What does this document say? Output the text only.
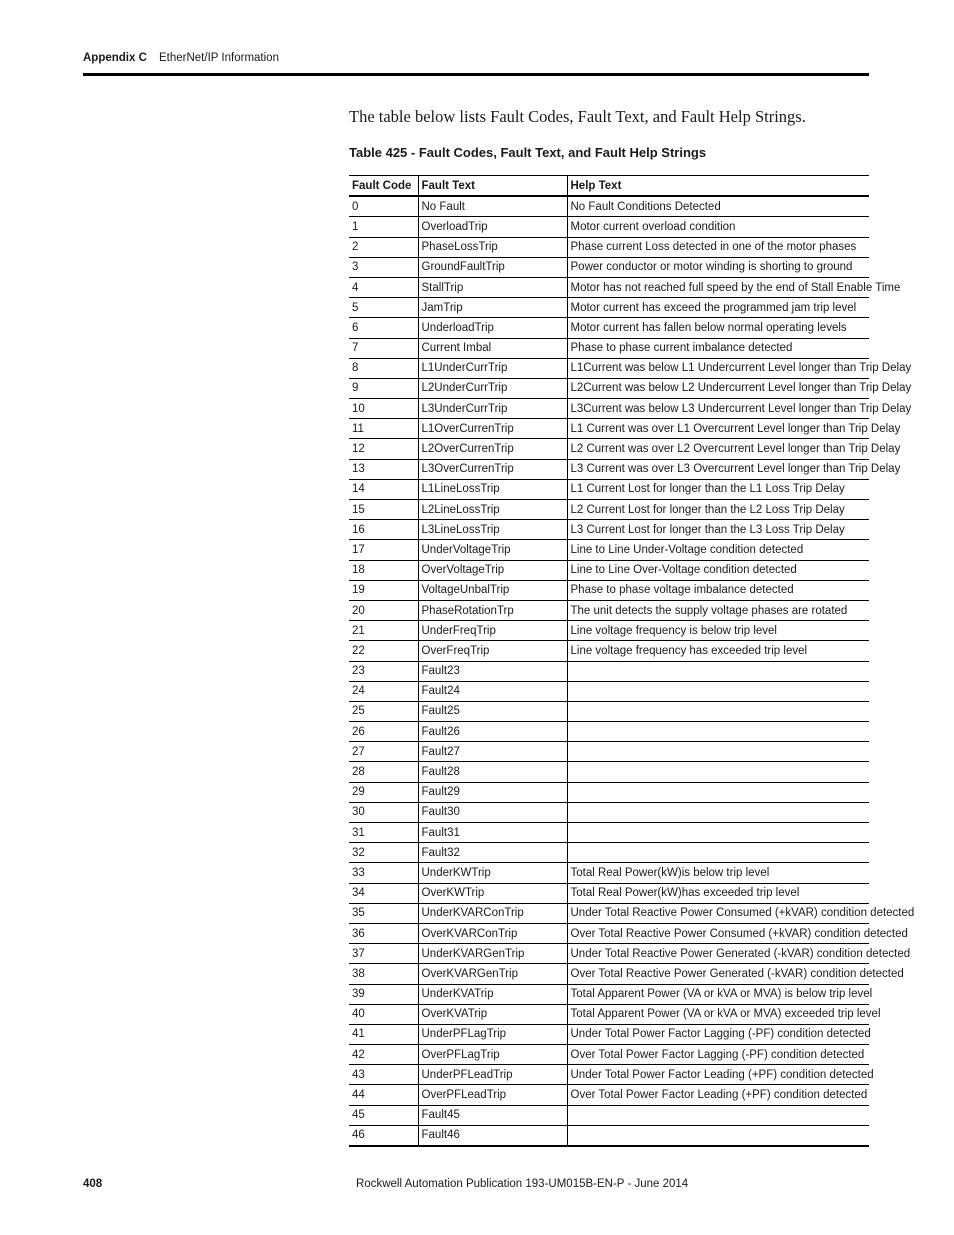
Appendix C EtherNet/IP Information
The table below lists Fault Codes, Fault Text, and Fault Help Strings.
Table 425 - Fault Codes, Fault Text, and Fault Help Strings
Fault Code	Fault Text	Help Text
0	No Fault	No Fault Conditions Detected
1	OverloadTrip	Motor current overload condition
2	PhaseLossTrip	Phase current Loss detected in one of the motor phases
3	GroundFaultTrip	Power conductor or motor winding is shorting to ground
4	StallTrip	Motor has not reached full speed by the end of Stall Enable Time
5	JamTrip	Motor current has exceed the programmed jam trip level
6	UnderloadTrip	Motor current has fallen below normal operating levels
7	Current Imbal	Phase to phase current imbalance detected
8	L1UnderCurrTrip	L1Current was below L1 Undercurrent Level longer than Trip Delay
9	L2UnderCurrTrip	L2Current was below L2 Undercurrent Level longer than Trip Delay
10	L3UnderCurrTrip	L3Current was below L3 Undercurrent Level longer than Trip Delay
11	L1OverCurrenTrip	L1 Current was over L1 Overcurrent Level longer than Trip Delay
12	L2OverCurrenTrip	L2 Current was over L2 Overcurrent Level longer than Trip Delay
13	L3OverCurrenTrip	L3 Current was over L3 Overcurrent Level longer than Trip Delay
14	L1LineLossTrip	L1 Current Lost for longer than the L1 Loss Trip Delay
15	L2LineLossTrip	L2 Current Lost for longer than the L2 Loss Trip Delay
16	L3LineLossTrip	L3 Current Lost for longer than the L3 Loss Trip Delay
17	UnderVoltageTrip	Line to Line Under-Voltage condition detected
18	OverVoltageTrip	Line to Line Over-Voltage condition detected
19	VoltageUnbalTrip	Phase to phase voltage imbalance detected
20	PhaseRotationTrp	The unit detects the supply voltage phases are rotated
21	UnderFreqTrip	Line voltage frequency is below trip level
22	OverFreqTrip	Line voltage frequency has exceeded trip level
23	Fault23	
24	Fault24	
25	Fault25	
26	Fault26	
27	Fault27	
28	Fault28	
29	Fault29	
30	Fault30	
31	Fault31	
32	Fault32	
33	UnderKWTrip	Total Real Power(kW)is below trip level
34	OverKWTrip	Total Real Power(kW)has exceeded trip level
35	UnderKVARConTrip	Under Total Reactive Power Consumed (+kVAR) condition detected
36	OverKVARConTrip	Over Total Reactive Power Consumed (+kVAR) condition detected
37	UnderKVARGenTrip	Under Total Reactive Power Generated (-kVAR) condition detected
38	OverKVARGenTrip	Over Total Reactive Power Generated (-kVAR) condition detected
39	UnderKVATrip	Total Apparent Power (VA or kVA or MVA) is below trip level
40	OverKVATrip	Total Apparent Power (VA or kVA or MVA) exceeded trip level
41	UnderPFLagTrip	Under Total Power Factor Lagging (-PF) condition detected
42	OverPFLagTrip	Over Total Power Factor Lagging (-PF) condition detected
43	UnderPFLeadTrip	Under Total Power Factor Leading (+PF) condition detected
44	OverPFLeadTrip	Over Total Power Factor Leading (+PF) condition detected
45	Fault45	
46	Fault46	
408	Rockwell Automation Publication 193-UM015B-EN-P - June 2014
